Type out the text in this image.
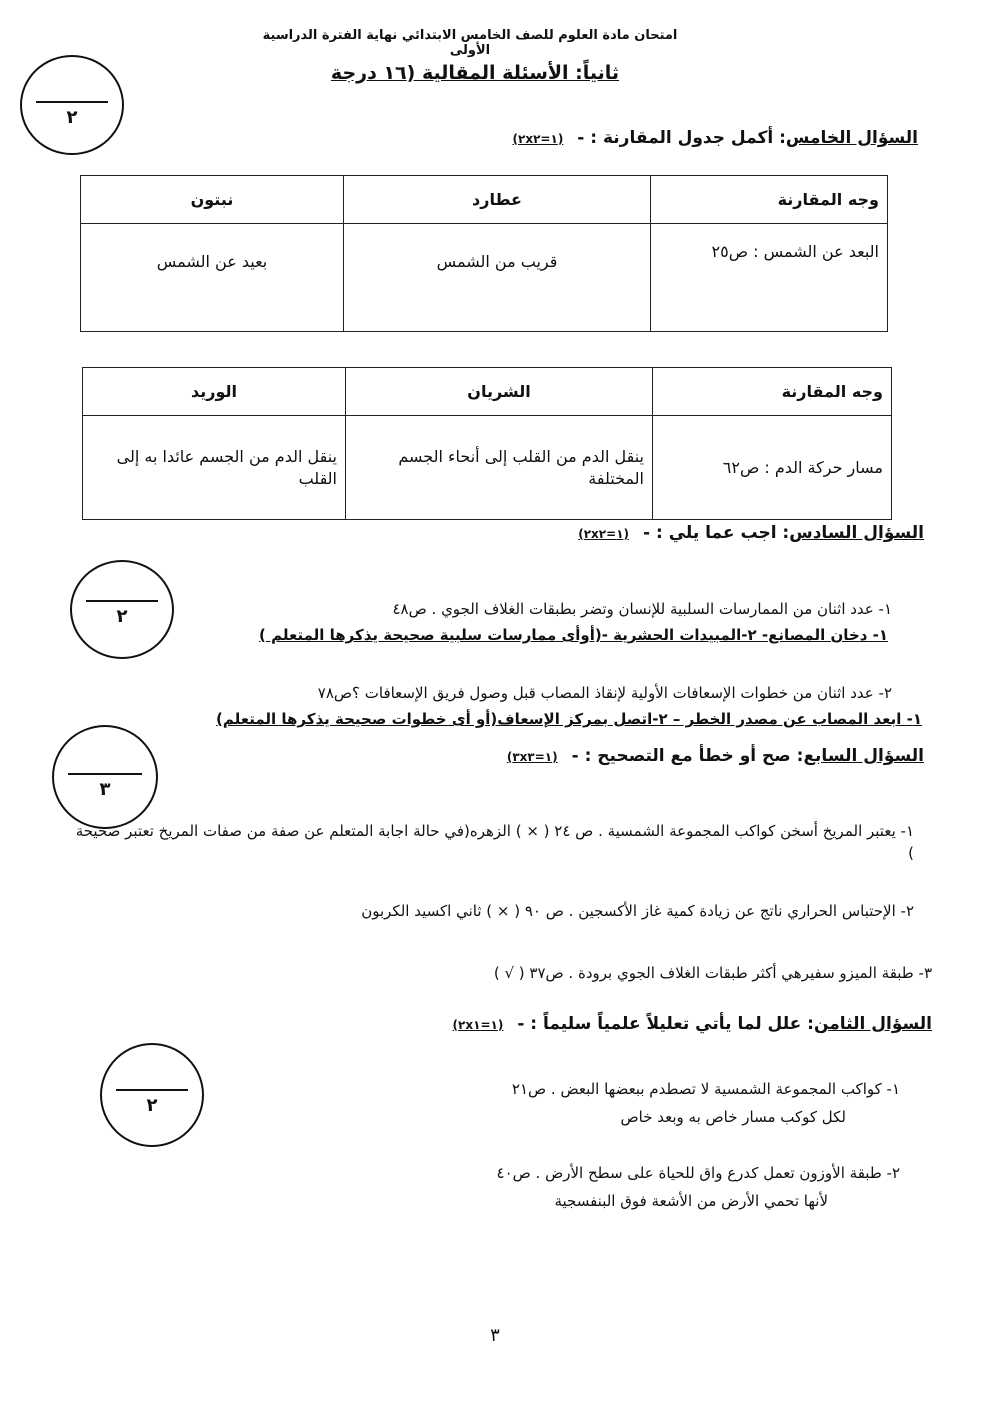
امتحان مادة العلوم للصف الخامس الابتدائي نهاية الفترة الدراسية الأولى
ثانياً: الأسئلة المقالية (١٦ درجة
٢
السؤال الخامس: أكمل جدول المقارنة : -(٢x١=٢)
وجه المقارنة	عطارد	نبتون
البعد عن الشمس : ص٢٥	قريب من الشمس	بعيد عن الشمس
وجه المقارنة	الشريان	الوريد
مسار حركة الدم : ص٦٢	ينقل الدم من القلب إلى أنحاء الجسم المختلفة	ينقل الدم من الجسم عائدا به إلى القلب
السؤال السادس: اجب عما يلي : -(٢x١=٢)
٢	١- عدد اثنان من الممارسات السلبية للإنسان وتضر بطبقات الغلاف الجوي . ص٤٨
١- دخان المصانع- ٢-المبيدات الحشرية -(أوأى ممارسات سلبية صحيحة يذكرها المتعلم )
٢- عدد اثنان من خطوات الإسعافات الأولية لإنقاذ المصاب قبل وصول فريق الإسعافات ؟ص٧٨
١- ابعد المصاب عن مصدر الخطر – ٢-اتصل بمركز الإسعاف(أو أى خطوات صحيحة يذكرها المتعلم)
السؤال السابع: صح أو خطأ مع التصحيح : -(٣x١=٣)
٣
١- يعتبر المريخ أسخن كواكب المجموعة الشمسية . ص ٢٤ ( × ) الزهره(في حالة اجابة المتعلم عن صفة من صفات المريخ تعتبر صحيحة )
٢- الإحتباس الحراري ناتج عن زيادة كمية غاز الأكسجين . ص ٩٠ ( × ) ثاني اكسيد الكربون
٣- طبقة الميزو سفيرهي أكثر طبقات الغلاف الجوي برودة . ص٣٧ ( √ )
السؤال الثامن: علل لما يأتي تعليلاً علمياً سليماً : -(٢x١=١)
٢
١- كواكب المجموعة الشمسية لا تصطدم ببعضها البعض . ص٢١
لكل كوكب مسار خاص به وبعد خاص
٢- طبقة الأوزون تعمل كدرع واق للحياة على سطح الأرض . ص٤٠
لأنها تحمي الأرض من الأشعة فوق البنفسجية
٣
